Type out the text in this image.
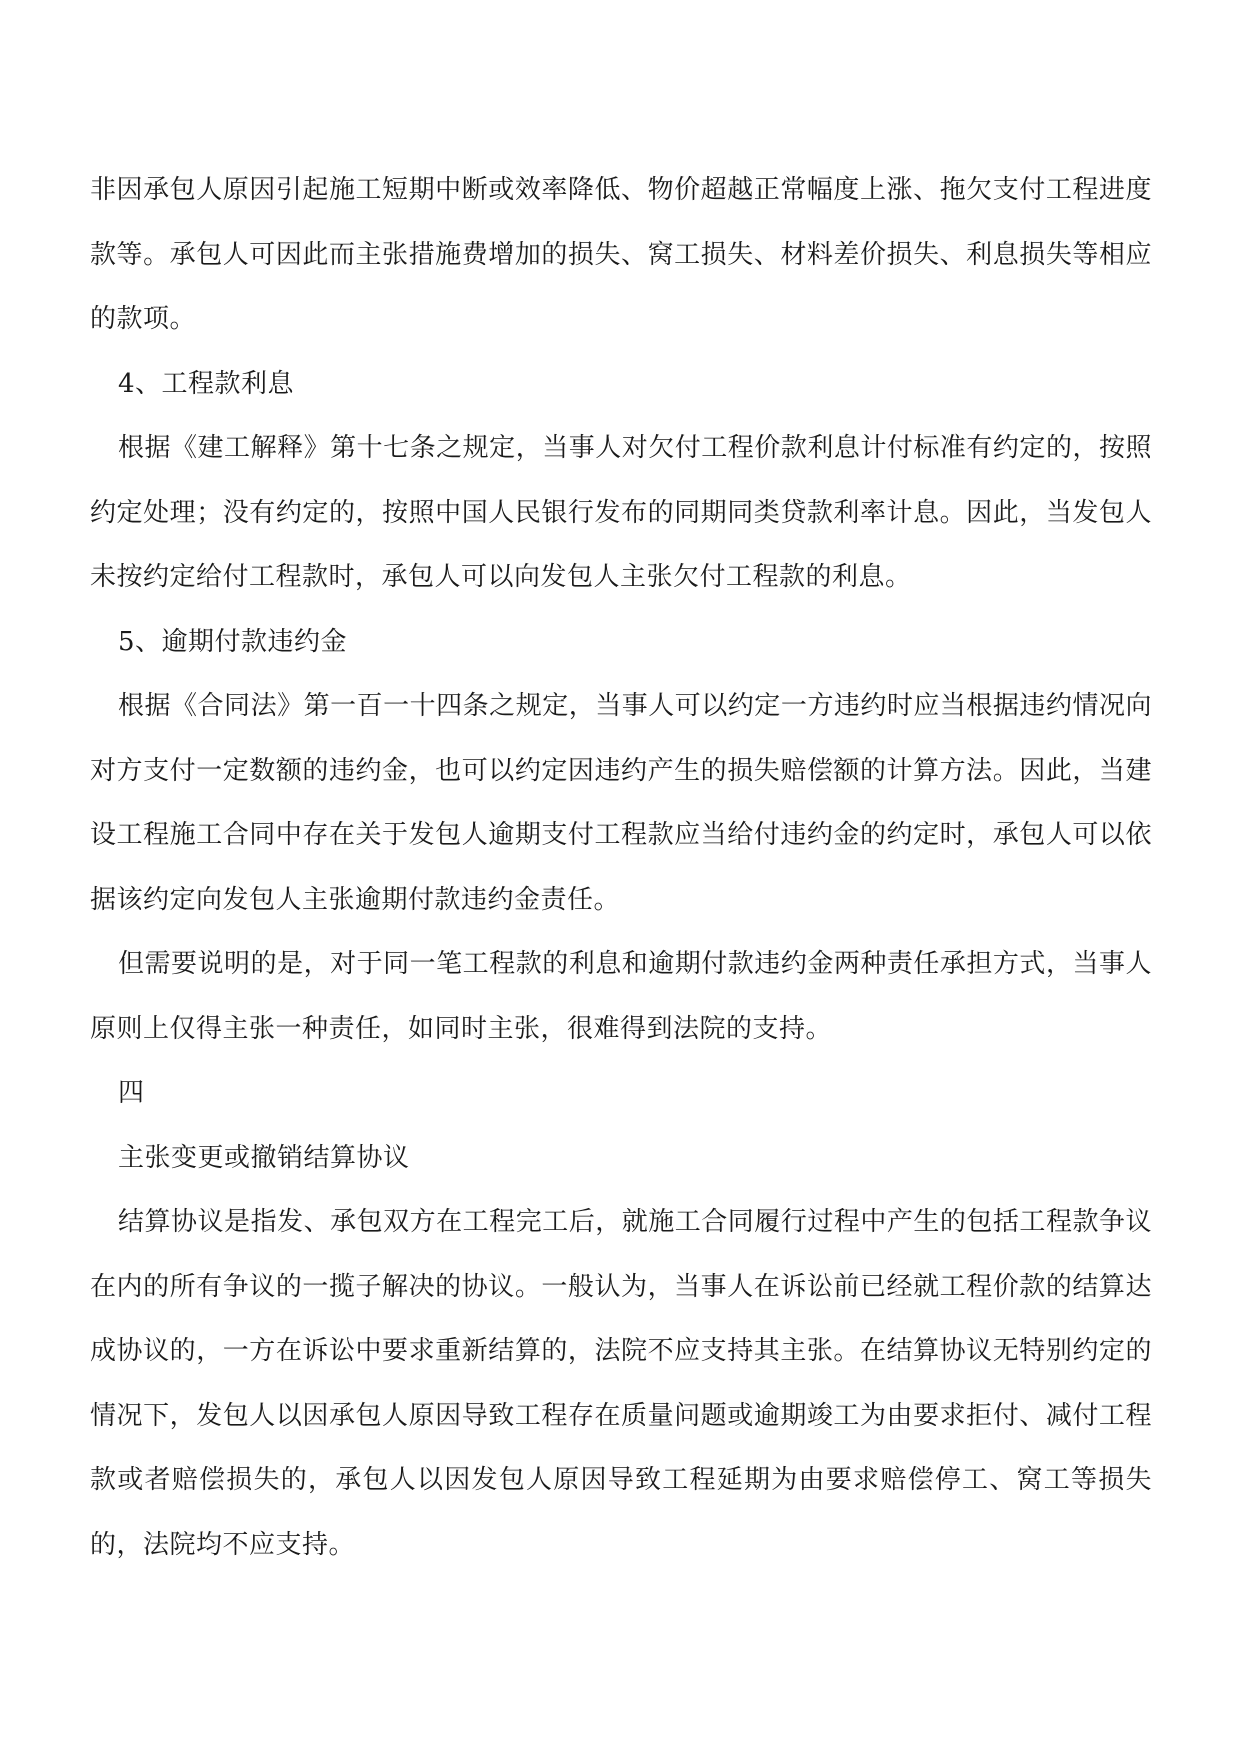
非因承包人原因引起施工短期中断或效率降低、物价超越正常幅度上涨、拖欠支付工程进度款等。承包人可因此而主张措施费增加的损失、窝工损失、材料差价损失、利息损失等相应的款项。

4、工程款利息

根据《建工解释》第十七条之规定，当事人对欠付工程价款利息计付标准有约定的，按照约定处理；没有约定的，按照中国人民银行发布的同期同类贷款利率计息。因此，当发包人未按约定给付工程款时，承包人可以向发包人主张欠付工程款的利息。

5、逾期付款违约金

根据《合同法》第一百一十四条之规定，当事人可以约定一方违约时应当根据违约情况向对方支付一定数额的违约金，也可以约定因违约产生的损失赔偿额的计算方法。因此，当建设工程施工合同中存在关于发包人逾期支付工程款应当给付违约金的约定时，承包人可以依据该约定向发包人主张逾期付款违约金责任。

但需要说明的是，对于同一笔工程款的利息和逾期付款违约金两种责任承担方式，当事人原则上仅得主张一种责任，如同时主张，很难得到法院的支持。

四

主张变更或撤销结算协议

结算协议是指发、承包双方在工程完工后，就施工合同履行过程中产生的包括工程款争议在内的所有争议的一揽子解决的协议。一般认为，当事人在诉讼前已经就工程价款的结算达成协议的，一方在诉讼中要求重新结算的，法院不应支持其主张。在结算协议无特别约定的情况下，发包人以因承包人原因导致工程存在质量问题或逾期竣工为由要求拒付、减付工程款或者赔偿损失的，承包人以因发包人原因导致工程延期为由要求赔偿停工、窝工等损失的，法院均不应支持。
